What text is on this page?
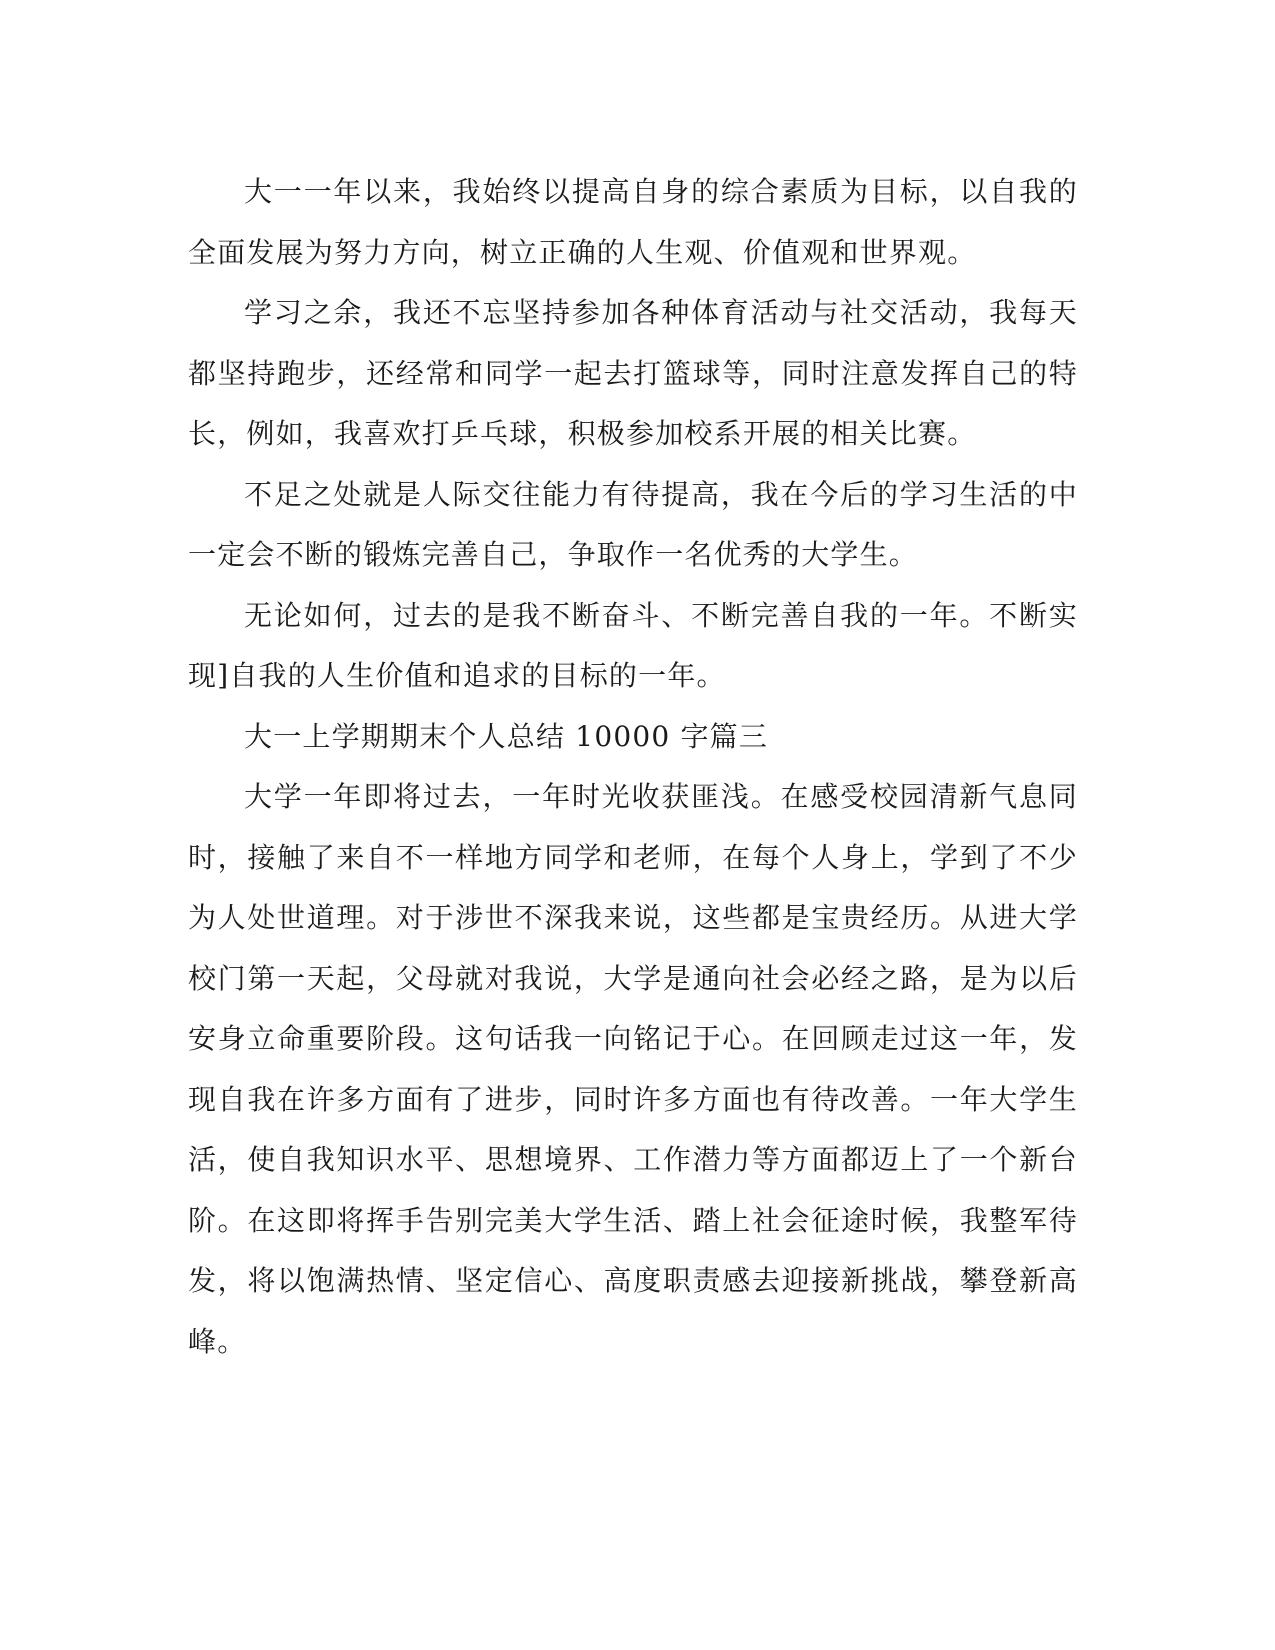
大一一年以来，我始终以提高自身的综合素质为目标，以自我的全面发展为努力方向，树立正确的人生观、价值观和世界观。

学习之余，我还不忘坚持参加各种体育活动与社交活动，我每天都坚持跑步，还经常和同学一起去打篮球等，同时注意发挥自己的特长，例如，我喜欢打乒乓球，积极参加校系开展的相关比赛。

不足之处就是人际交往能力有待提高，我在今后的学习生活的中一定会不断的锻炼完善自己，争取作一名优秀的大学生。

无论如何，过去的是我不断奋斗、不断完善自我的一年。不断实现]自我的人生价值和追求的目标的一年。

大一上学期期末个人总结 10000 字篇三

大学一年即将过去，一年时光收获匪浅。在感受校园清新气息同时，接触了来自不一样地方同学和老师，在每个人身上，学到了不少为人处世道理。对于涉世不深我来说，这些都是宝贵经历。从进大学校门第一天起，父母就对我说，大学是通向社会必经之路，是为以后安身立命重要阶段。这句话我一向铭记于心。在回顾走过这一年，发现自我在许多方面有了进步，同时许多方面也有待改善。一年大学生活，使自我知识水平、思想境界、工作潜力等方面都迈上了一个新台阶。在这即将挥手告别完美大学生活、踏上社会征途时候，我整军待发，将以饱满热情、坚定信心、高度职责感去迎接新挑战，攀登新高峰。
